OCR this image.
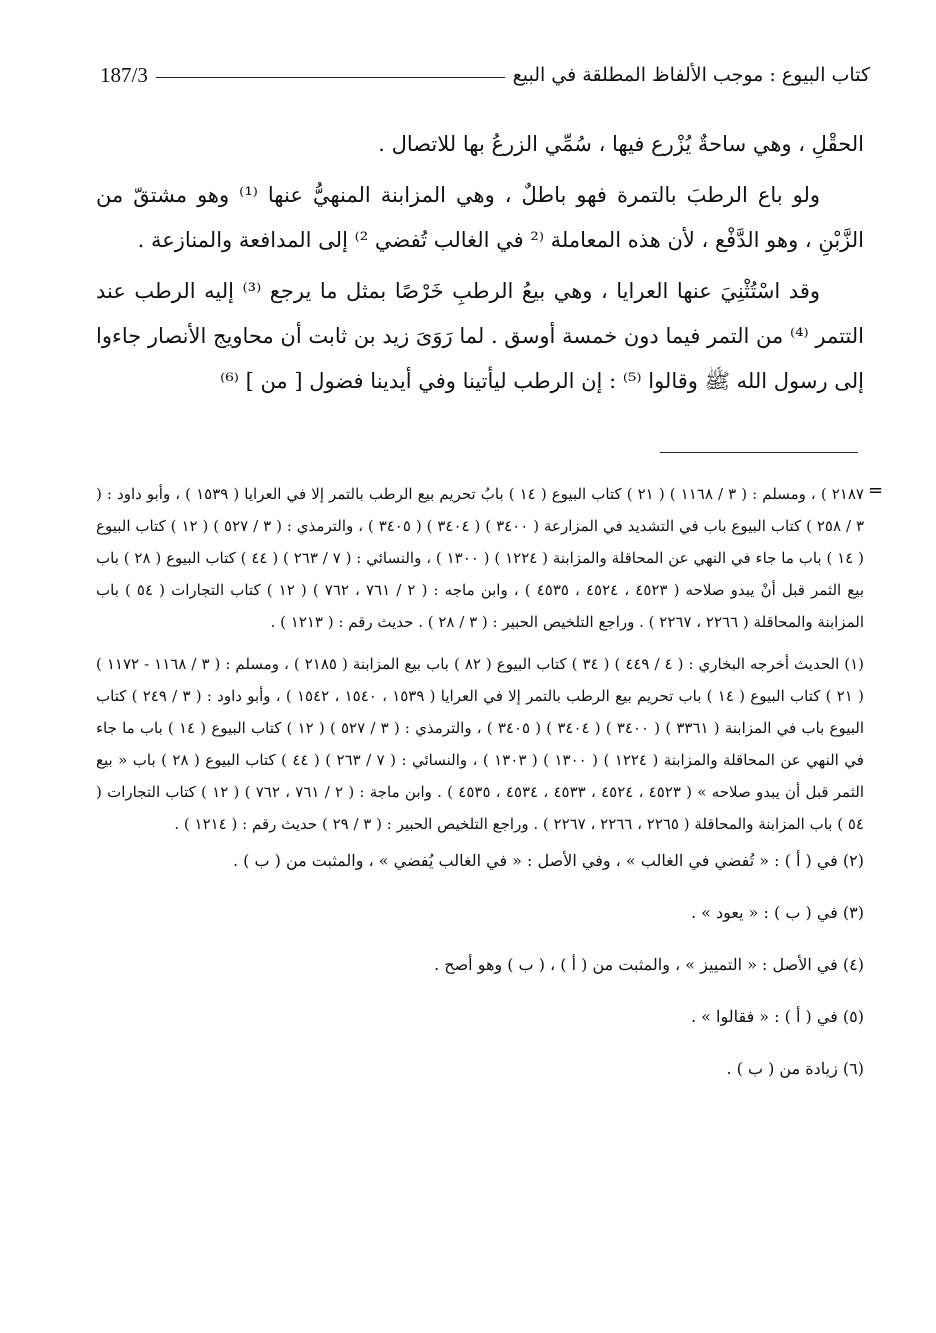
كتاب البيوع : موجب الألفاظ المطلقة في البيع
187/3

الحقْلِ ، وهي ساحةٌ يُزْرع فيها ، سُمِّي الزرعُ بها للاتصال .

ولو باع الرطبَ بالتمرة فهو باطلٌ ، وهي المزابنة المنهيُّ عنها ⁽¹⁾ وهو مشتقّ من الزَّبْنِ ، وهو الدَّفْع ، لأن هذه المعاملة ⁽² في الغالب تُفضي ²⁾ إلى المدافعة والمنازعة .

وقد اسْتُثْنِيَ عنها العرايا ، وهي بيعُ الرطبِ خَرْصًا بمثل ما يرجع ⁽³⁾ إليه الرطب عند التتمر ⁽⁴⁾ من التمر فيما دون خمسة أوسق . لما رَوَىَ زيد بن ثابت أن محاويج الأنصار جاءوا إلى رسول الله ﷺ وقالوا ⁽⁵⁾ : إن الرطب ليأتينا وفي أيدينا فضول [ من ] ⁽⁶⁾

=

٢١٨٧ ) ، ومسلم : ( ٣ / ١١٦٨ ) ( ٢١ ) كتاب البيوع ( ١٤ ) بابُ تحريم بيع الرطب بالتمر إلا في العرايا ( ١٥٣٩ ) ، وأبو داود : ( ٣ / ٢٥٨ ) كتاب البيوع باب في التشديد في المزارعة ( ٣٤٠٠ ) ( ٣٤٠٤ ) ( ٣٤٠٥ ) ، والترمذي : ( ٣ / ٥٢٧ ) ( ١٢ ) كتاب البيوع ( ١٤ ) باب ما جاء في النهي عن المحاقلة والمزابنة ( ١٢٢٤ ) ( ١٣٠٠ ) ، والنسائي : ( ٧ / ٢٦٣ ) ( ٤٤ ) كتاب البيوع ( ٢٨ ) باب بيع الثمر قبل أنْ يبدو صلاحه ( ٤٥٢٣ ، ٤٥٢٤ ، ٤٥٣٥ ) ، وابن ماجه : ( ٢ / ٧٦١ ، ٧٦٢ ) ( ١٢ ) كتاب التجارات ( ٥٤ ) باب المزابنة والمحاقلة ( ٢٢٦٦ ، ٢٢٦٧ ) . وراجع التلخيص الحبير : ( ٣ / ٢٨ ) . حديث رقم : ( ١٢١٣ ) .

(١) الحديث أخرجه البخاري : ( ٤ / ٤٤٩ ) ( ٣٤ ) كتاب البيوع ( ٨٢ ) باب بيع المزابنة ( ٢١٨٥ ) ، ومسلم : ( ٣ / ١١٦٨ - ١١٧٢ ) ( ٢١ ) كتاب البيوع ( ١٤ ) باب تحريم بيع الرطب بالتمر إلا في العرايا ( ١٥٣٩ ، ١٥٤٠ ، ١٥٤٢ ) ، وأبو داود : ( ٣ / ٢٤٩ ) كتاب البيوع باب في المزابنة ( ٣٣٦١ ) ( ٣٤٠٠ ) ( ٣٤٠٤ ) ( ٣٤٠٥ ) ، والترمذي : ( ٣ / ٥٢٧ ) ( ١٢ ) كتاب البيوع ( ١٤ ) باب ما جاء في النهي عن المحاقلة والمزابنة ( ١٢٢٤ ) ( ١٣٠٠ ) ( ١٣٠٣ ) ، والنسائي : ( ٧ / ٢٦٣ ) ( ٤٤ ) كتاب البيوع ( ٢٨ ) باب « بيع الثمر قبل أن يبدو صلاحه » ( ٤٥٢٣ ، ٤٥٢٤ ، ٤٥٣٣ ، ٤٥٣٤ ، ٤٥٣٥ ) . وابن ماجة : ( ٢ / ٧٦١ ، ٧٦٢ ) ( ١٢ ) كتاب التجارات ( ٥٤ ) باب المزابنة والمحاقلة ( ٢٢٦٥ ، ٢٢٦٦ ، ٢٢٦٧ ) . وراجع التلخيص الحبير : ( ٣ / ٢٩ ) حديث رقم : ( ١٢١٤ ) .

(٢) في ( أ ) : « تُفضي في الغالب » ، وفي الأصل : « في الغالب يُفضي » ، والمثبت من ( ب ) .

(٣) في ( ب ) : « يعود » .

(٤) في الأصل : « التمييز » ، والمثبت من ( أ ) ، ( ب ) وهو أصح .

(٥) في ( أ ) : « فقالوا » .

(٦) زيادة من ( ب ) .
